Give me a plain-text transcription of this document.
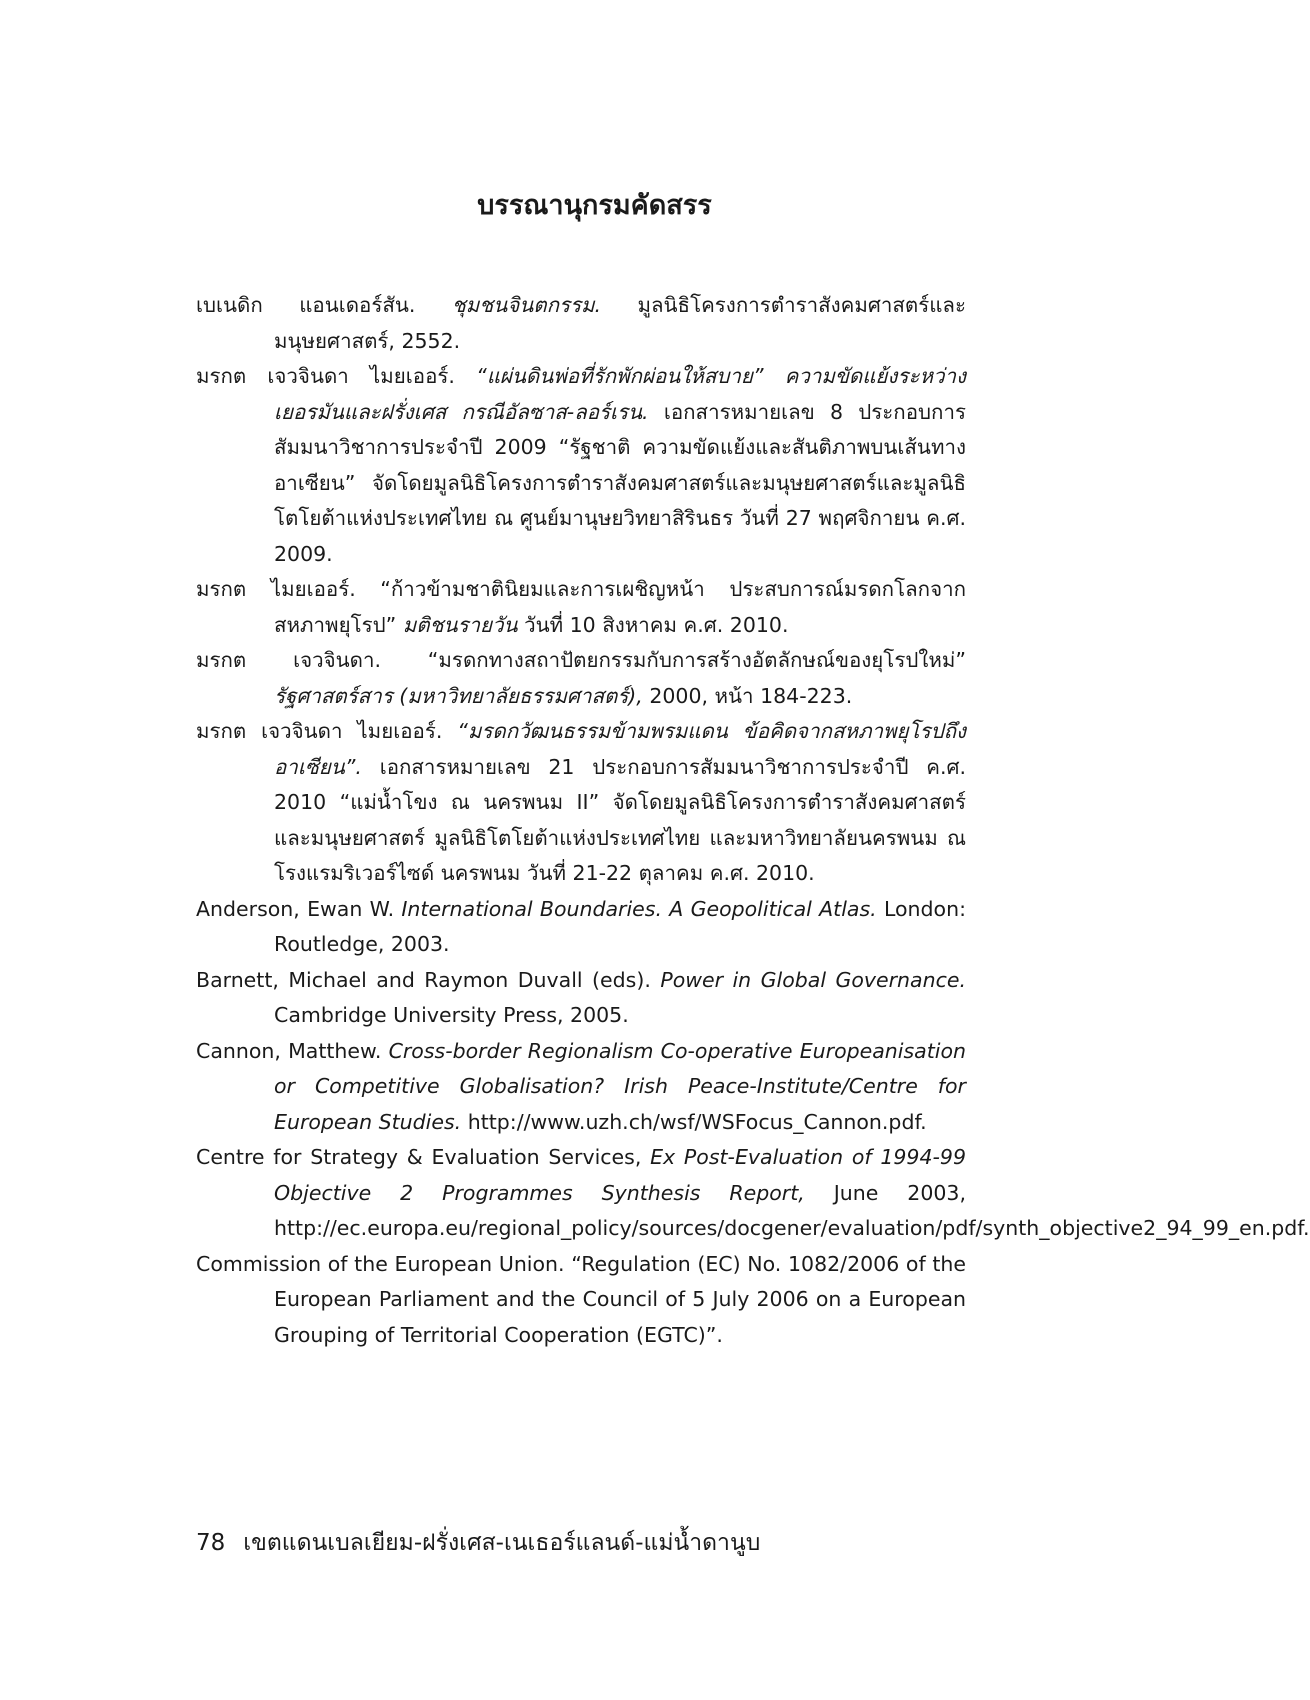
บรรณานุกรมคัดสรร
เบเนดิก แอนเดอร์สัน. ชุมชนจินตกรรม. มูลนิธิโครงการตำราสังคมศาสตร์และมนุษยศาสตร์, 2552.
มรกต เจวจินดา ไมยเออร์. “แผ่นดินพ่อที่รักพักผ่อนให้สบาย” ความขัดแย้งระหว่างเยอรมันและฝรั่งเศส กรณีอัลซาส-ลอร์เรน. เอกสารหมายเลข 8 ประกอบการสัมมนาวิชาการประจำปี 2009 “รัฐชาติ ความขัดแย้งและสันติภาพบนเส้นทางอาเซียน” จัดโดยมูลนิธิโครงการตำราสังคมศาสตร์และมนุษยศาสตร์และมูลนิธิโตโยต้าแห่งประเทศไทย ณ ศูนย์มานุษยวิทยาสิรินธร วันที่ 27 พฤศจิกายน ค.ศ. 2009.
มรกต ไมยเออร์. “ก้าวข้ามชาตินิยมและการเผชิญหน้า ประสบการณ์มรดกโลกจากสหภาพยุโรป” มติชนรายวัน วันที่ 10 สิงหาคม ค.ศ. 2010.
มรกต เจวจินดา. “มรดกทางสถาปัตยกรรมกับการสร้างอัตลักษณ์ของยุโรปใหม่” รัฐศาสตร์สาร (มหาวิทยาลัยธรรมศาสตร์), 2000, หน้า 184-223.
มรกต เจวจินดา ไมยเออร์. “มรดกวัฒนธรรมข้ามพรมแดน ข้อคิดจากสหภาพยุโรปถึงอาเซียน”. เอกสารหมายเลข 21 ประกอบการสัมมนาวิชาการประจำปี ค.ศ. 2010 “แม่น้ำโขง ณ นครพนม II” จัดโดยมูลนิธิโครงการตำราสังคมศาสตร์และมนุษยศาสตร์ มูลนิธิโตโยต้าแห่งประเทศไทย และมหาวิทยาลัยนครพนม ณ โรงแรมริเวอร์ไซด์ นครพนม วันที่ 21-22 ตุลาคม ค.ศ. 2010.
Anderson, Ewan W. International Boundaries. A Geopolitical Atlas. London: Routledge, 2003.
Barnett, Michael and Raymon Duvall (eds). Power in Global Governance. Cambridge University Press, 2005.
Cannon, Matthew. Cross-border Regionalism Co-operative Europeanisation or Competitive Globalisation? Irish Peace-Institute/Centre for European Studies. http://www.uzh.ch/wsf/WSFocus_Cannon.pdf.
Centre for Strategy & Evaluation Services, Ex Post-Evaluation of 1994-99 Objective 2 Programmes Synthesis Report, June 2003, http://ec.europa.eu/regional_policy/sources/docgener/evaluation/pdf/synth_objective2_94_99_en.pdf.
Commission of the European Union. “Regulation (EC) No. 1082/2006 of the European Parliament and the Council of 5 July 2006 on a European Grouping of Territorial Cooperation (EGTC)”.
78 เขตแดนเบลเยียม-ฝรั่งเศส-เนเธอร์แลนด์-แม่น้ำดานูบ
